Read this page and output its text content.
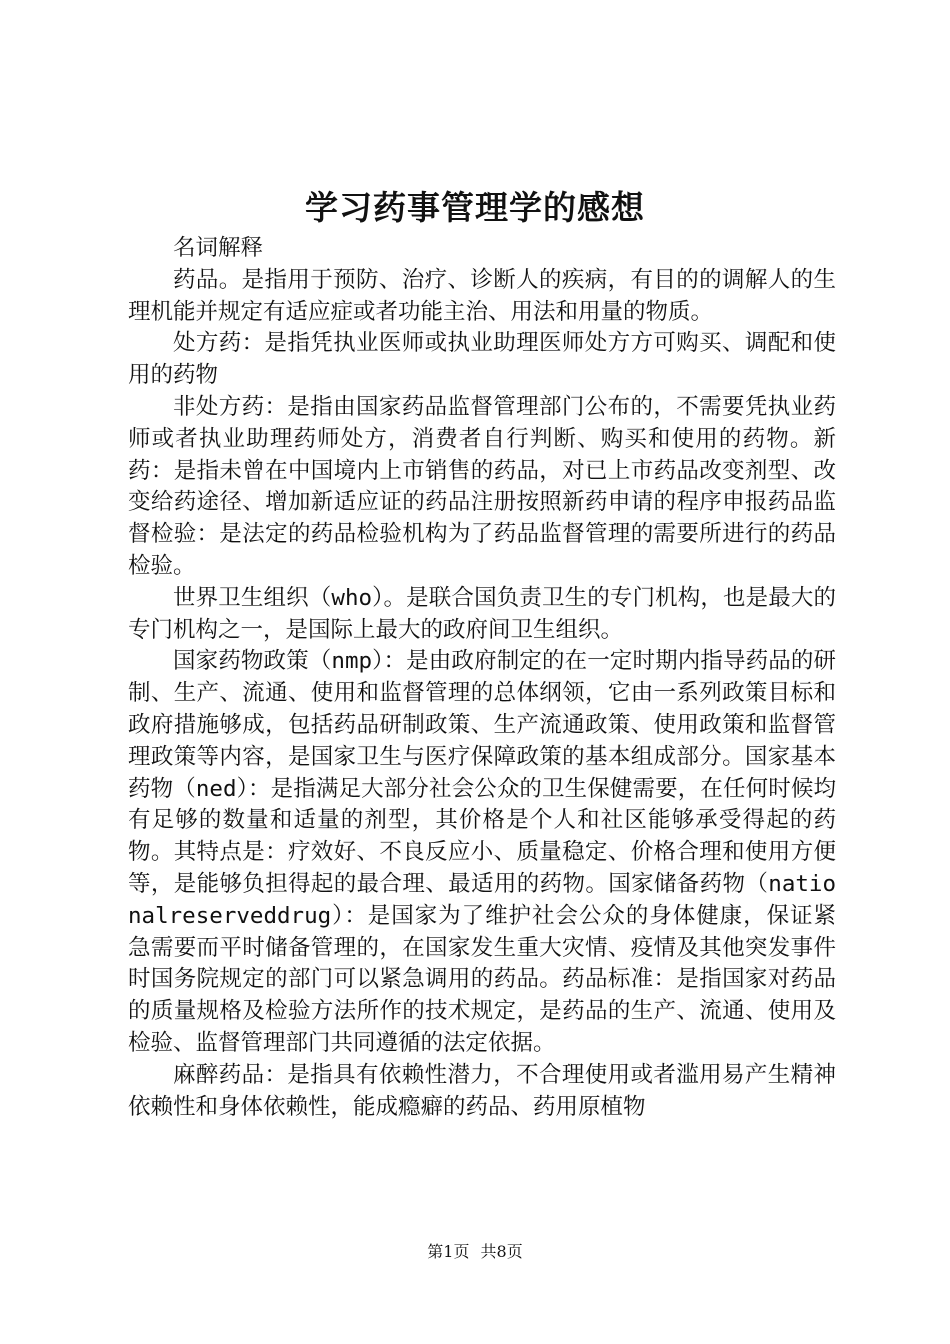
学习药事管理学的感想

名词解释

药品。是指用于预防、治疗、诊断人的疾病，有目的的调解人的生理机能并规定有适应症或者功能主治、用法和用量的物质。

处方药：是指凭执业医师或执业助理医师处方方可购买、调配和使用的药物

非处方药：是指由国家药品监督管理部门公布的，不需要凭执业药师或者执业助理药师处方，消费者自行判断、购买和使用的药物。新药：是指未曾在中国境内上市销售的药品，对已上市药品改变剂型、改变给药途径、增加新适应证的药品注册按照新药申请的程序申报药品监督检验：是法定的药品检验机构为了药品监督管理的需要所进行的药品检验。

世界卫生组织（who）。是联合国负责卫生的专门机构，也是最大的专门机构之一，是国际上最大的政府间卫生组织。

国家药物政策（nmp）：是由政府制定的在一定时期内指导药品的研制、生产、流通、使用和监督管理的总体纲领，它由一系列政策目标和政府措施够成，包括药品研制政策、生产流通政策、使用政策和监督管理政策等内容，是国家卫生与医疗保障政策的基本组成部分。国家基本药物（ned）：是指满足大部分社会公众的卫生保健需要，在任何时候均有足够的数量和适量的剂型，其价格是个人和社区能够承受得起的药物。其特点是：疗效好、不良反应小、质量稳定、价格合理和使用方便等，是能够负担得起的最合理、最适用的药物。国家储备药物（nationalreserveddrug）：是国家为了维护社会公众的身体健康，保证紧急需要而平时储备管理的，在国家发生重大灾情、疫情及其他突发事件时国务院规定的部门可以紧急调用的药品。药品标准：是指国家对药品的质量规格及检验方法所作的技术规定，是药品的生产、流通、使用及检验、监督管理部门共同遵循的法定依据。

麻醉药品：是指具有依赖性潜力，不合理使用或者滥用易产生精神依赖性和身体依赖性，能成瘾癖的药品、药用原植物

第1页 共8页
